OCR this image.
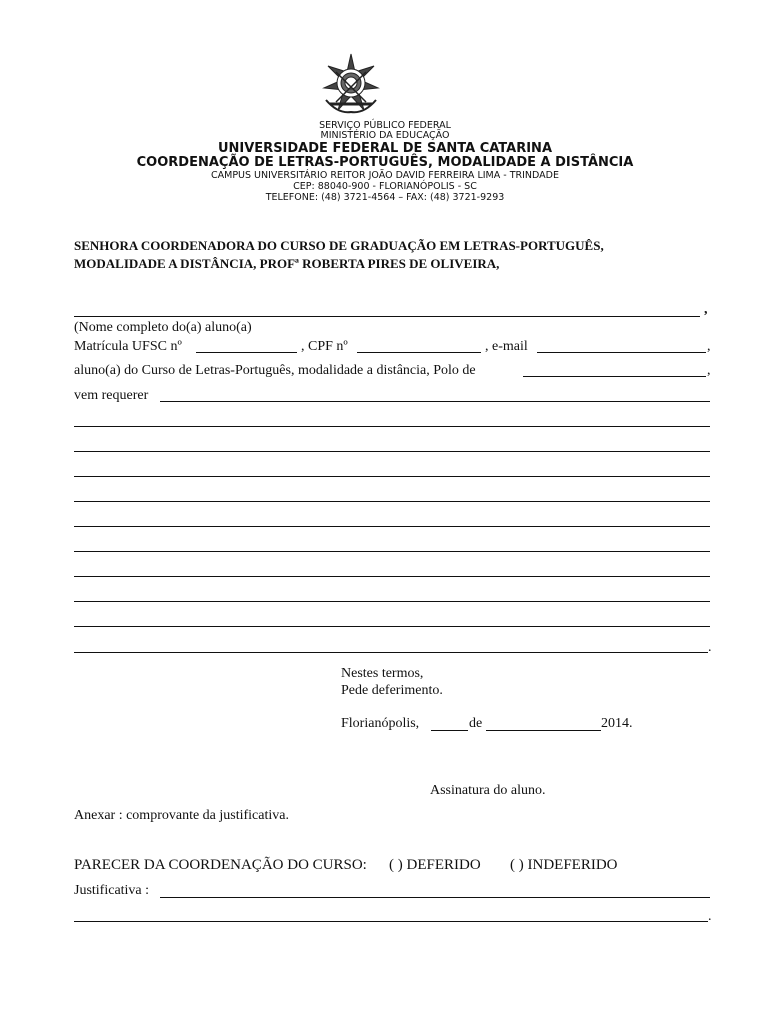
SERVIÇO PÚBLICO FEDERAL
MINISTÉRIO DA EDUCAÇÃO
UNIVERSIDADE FEDERAL DE SANTA CATARINA
COORDENAÇÃO DE LETRAS-PORTUGUÊS, MODALIDADE A DISTÂNCIA
CAMPUS UNIVERSITÁRIO REITOR JOÃO DAVID FERREIRA LIMA - TRINDADE
CEP: 88040-900 - FLORIANÓPOLIS - SC
TELEFONE: (48) 3721-4564 – FAX: (48) 3721-9293
SENHORA COORDENADORA DO CURSO DE GRADUAÇÃO EM LETRAS-PORTUGUÊS,
MODALIDADE A DISTÂNCIA, PROFª ROBERTA PIRES DE OLIVEIRA,
,
(Nome completo do(a) aluno(a)
Matrícula UFSC nº	, CPF nº	, e-mail	,
aluno(a) do Curso de Letras-Português, modalidade a distância, Polo de	,
vem requerer
.
Nestes termos,
Pede deferimento.
Florianópolis,	de	2014.
Assinatura do aluno.
Anexar : comprovante da justificativa.
PARECER DA COORDENAÇÃO DO CURSO: ( ) DEFERIDO ( ) INDEFERIDO
Justificativa :
.
